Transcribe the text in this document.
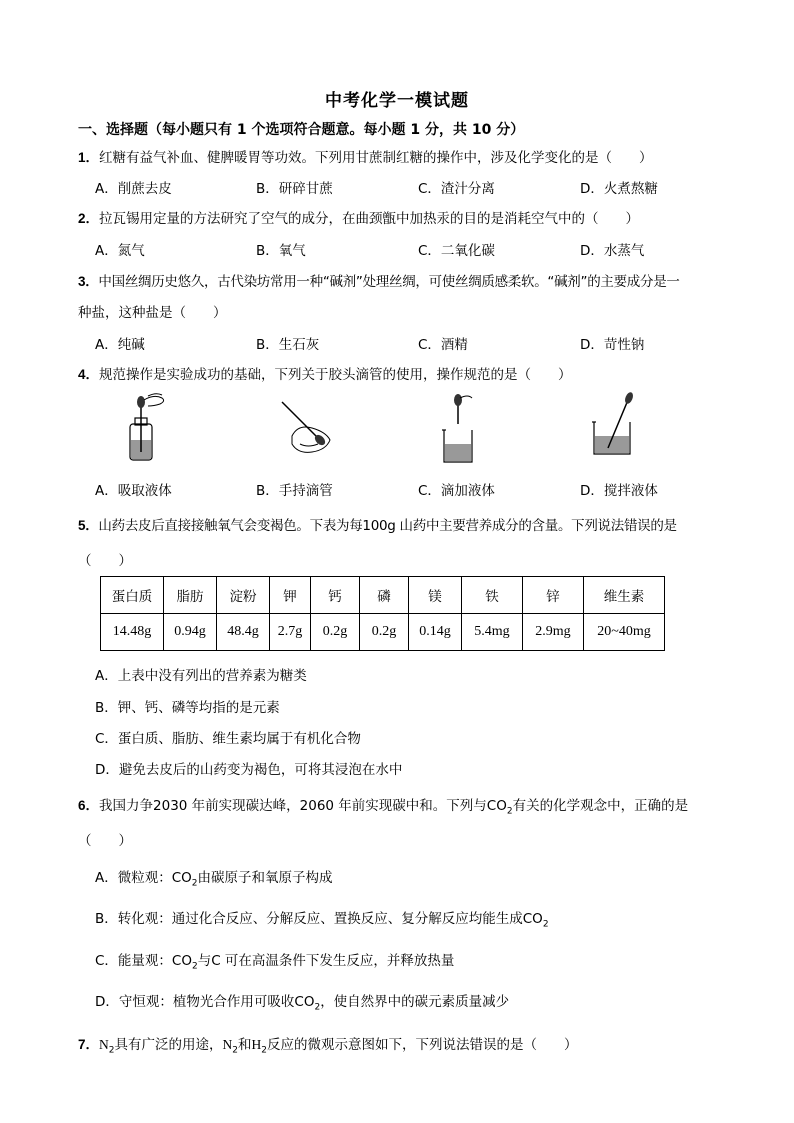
中考化学一模试题
一、选择题（每小题只有 1 个选项符合题意。每小题 1 分，共 10 分）
1．红糖有益气补血、健脾暖胃等功效。下列用甘蔗制红糖的操作中，涉及化学变化的是（　　）
A．削蔗去皮	B．研碎甘蔗	C．渣汁分离	D．火煮熬糖
2．拉瓦锡用定量的方法研究了空气的成分，在曲颈甑中加热汞的目的是消耗空气中的（　　）
A．氮气	B．氧气	C．二氧化碳	D．水蒸气
3．中国丝绸历史悠久，古代染坊常用一种“碱剂”处理丝绸，可使丝绸质感柔软。“碱剂”的主要成分是一
种盐，这种盐是（　　）
A．纯碱	B．生石灰	C．酒精	D．苛性钠
4．规范操作是实验成功的基础，下列关于胶头滴管的使用，操作规范的是（　　）
A．吸取液体	B．手持滴管	C．滴加液体	D．搅拌液体
5．山药去皮后直接接触氧气会变褐色。下表为每100g 山药中主要营养成分的含量。下列说法错误的是
（　　）
蛋白质	脂肪	淀粉	钾	钙	磷	镁	铁	锌	维生素
14.48g	0.94g	48.4g	2.7g	0.2g	0.2g	0.14g	5.4mg	2.9mg	20~40mg
A．上表中没有列出的营养素为糖类
B．钾、钙、磷等均指的是元素
C．蛋白质、脂肪、维生素均属于有机化合物
D．避免去皮后的山药变为褐色，可将其浸泡在水中
6．我国力争2030 年前实现碳达峰，2060 年前实现碳中和。下列与$CO_2$有关的化学观念中，正确的是
（　　）
A．微粒观：$CO_2$由碳原子和氧原子构成
B．转化观：通过化合反应、分解反应、置换反应、复分解反应均能生成$CO_2$
C．能量观：$CO_2$与C 可在高温条件下发生反应，并释放热量
D．守恒观：植物光合作用可吸收$CO_2$，使自然界中的碳元素质量减少
7．$N_2$具有广泛的用途，$N_2$和$H_2$反应的微观示意图如下，下列说法错误的是（　　）
